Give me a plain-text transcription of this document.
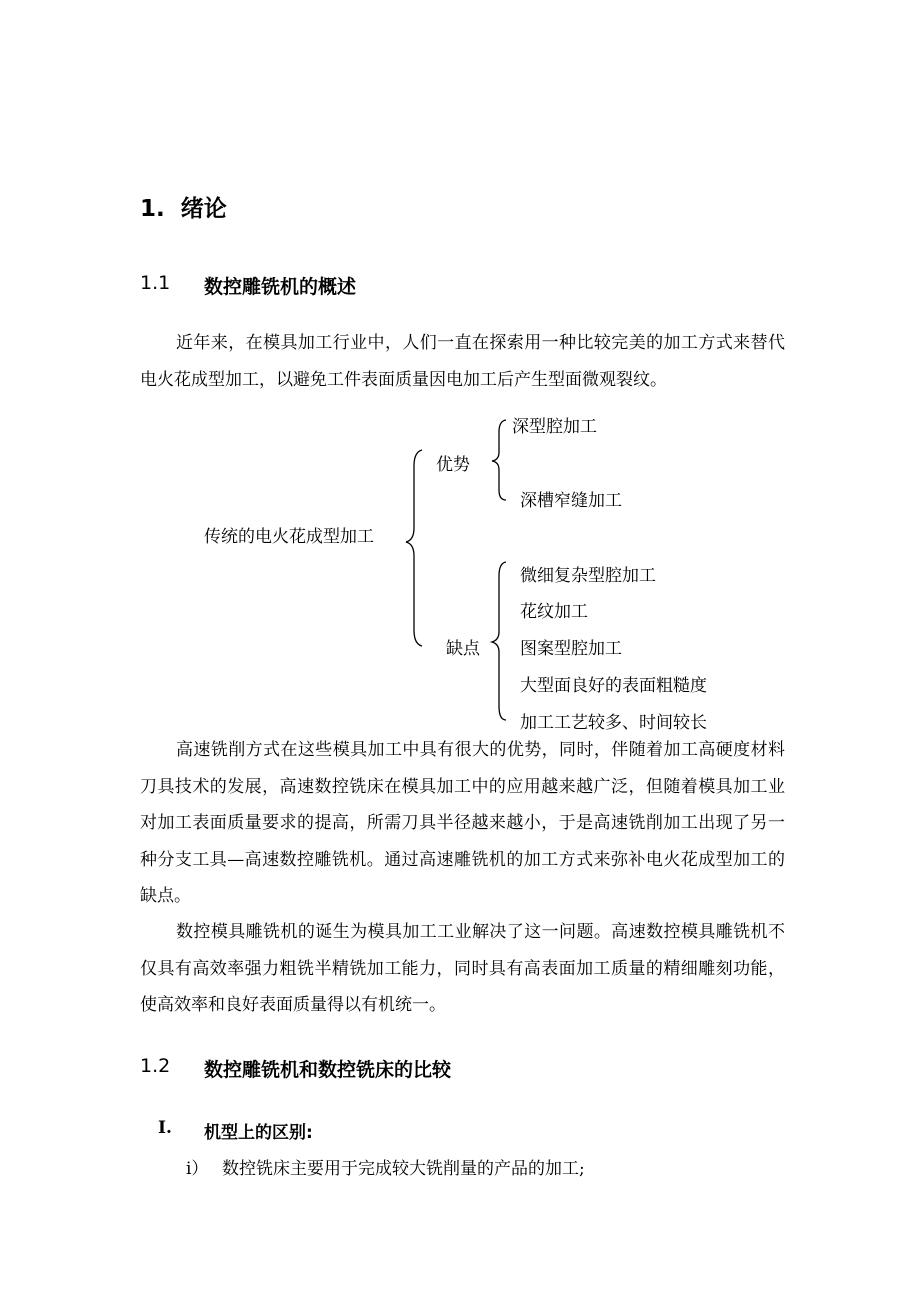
1. 绪论
1.1 数控雕铣机的概述
近年来，在模具加工行业中，人们一直在探索用一种比较完美的加工方式来替代电火花成型加工，以避免工件表面质量因电加工后产生型面微观裂纹。
传统的电火花成型加工
优势
深型腔加工
深槽窄缝加工
缺点
微细复杂型腔加工
花纹加工
图案型腔加工
大型面良好的表面粗糙度
加工工艺较多、时间较长
高速铣削方式在这些模具加工中具有很大的优势，同时，伴随着加工高硬度材料刀具技术的发展，高速数控铣床在模具加工中的应用越来越广泛，但随着模具加工业对加工表面质量要求的提高，所需刀具半径越来越小，于是高速铣削加工出现了另一种分支工具—高速数控雕铣机。通过高速雕铣机的加工方式来弥补电火花成型加工的缺点。
数控模具雕铣机的诞生为模具加工工业解决了这一问题。高速数控模具雕铣机不仅具有高效率强力粗铣半精铣加工能力，同时具有高表面加工质量的精细雕刻功能，使高效率和良好表面质量得以有机统一。
1.2 数控雕铣机和数控铣床的比较
I. 机型上的区别:
i） 数控铣床主要用于完成较大铣削量的产品的加工;
